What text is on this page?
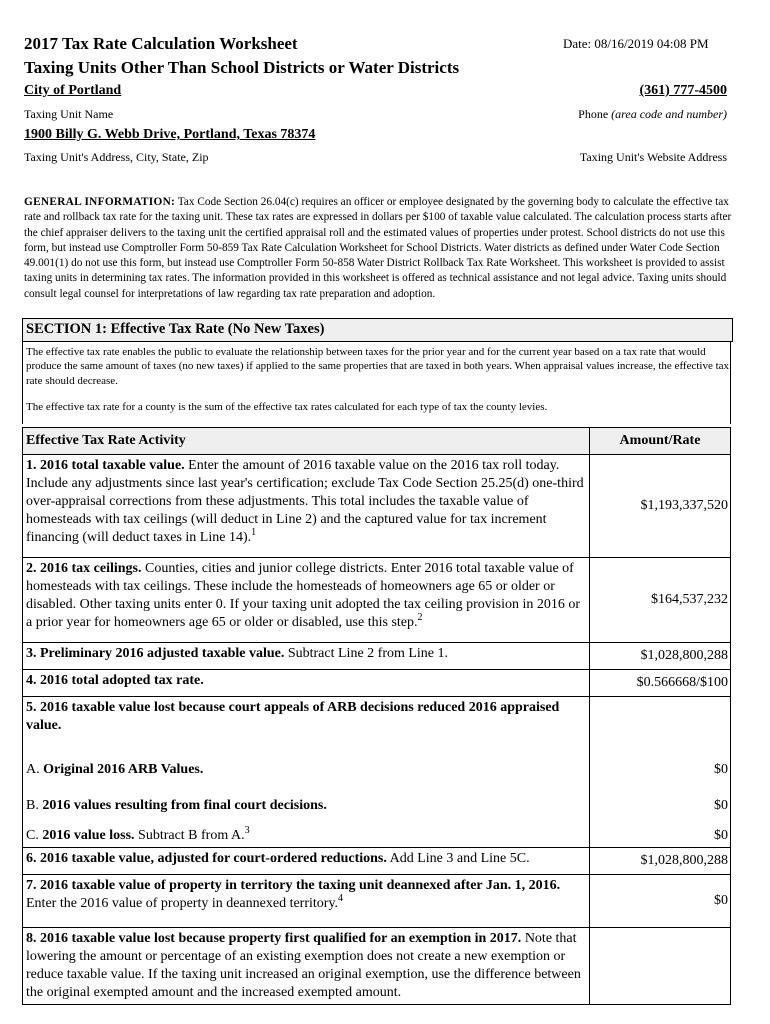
2017 Tax Rate Calculation Worksheet
Taxing Units Other Than School Districts or Water Districts
Date: 08/16/2019 04:08 PM
City of Portland
Taxing Unit Name
(361) 777-4500
Phone (area code and number)
1900 Billy G. Webb Drive, Portland, Texas 78374
Taxing Unit's Address, City, State, Zip	Taxing Unit's Website Address
GENERAL INFORMATION: Tax Code Section 26.04(c) requires an officer or employee designated by the governing body to calculate the effective tax rate and rollback tax rate for the taxing unit. These tax rates are expressed in dollars per $100 of taxable value calculated. The calculation process starts after the chief appraiser delivers to the taxing unit the certified appraisal roll and the estimated values of properties under protest. School districts do not use this form, but instead use Comptroller Form 50-859 Tax Rate Calculation Worksheet for School Districts. Water districts as defined under Water Code Section 49.001(1) do not use this form, but instead use Comptroller Form 50-858 Water District Rollback Tax Rate Worksheet. This worksheet is provided to assist taxing units in determining tax rates. The information provided in this worksheet is offered as technical assistance and not legal advice. Taxing units should consult legal counsel for interpretations of law regarding tax rate preparation and adoption.
SECTION 1: Effective Tax Rate (No New Taxes)
The effective tax rate enables the public to evaluate the relationship between taxes for the prior year and for the current year based on a tax rate that would produce the same amount of taxes (no new taxes) if applied to the same properties that are taxed in both years. When appraisal values increase, the effective tax rate should decrease.
The effective tax rate for a county is the sum of the effective tax rates calculated for each type of tax the county levies.
Effective Tax Rate Activity	Amount/Rate
1. 2016 total taxable value. Enter the amount of 2016 taxable value on the 2016 tax roll today. Include any adjustments since last year's certification; exclude Tax Code Section 25.25(d) one-third over-appraisal corrections from these adjustments. This total includes the taxable value of homesteads with tax ceilings (will deduct in Line 2) and the captured value for tax increment financing (will deduct taxes in Line 14).$^1$	$1,193,337,520
2. 2016 tax ceilings. Counties, cities and junior college districts. Enter 2016 total taxable value of homesteads with tax ceilings. These include the homesteads of homeowners age 65 or older or disabled. Other taxing units enter 0. If your taxing unit adopted the tax ceiling provision in 2016 or a prior year for homeowners age 65 or older or disabled, use this step.$^2$	$164,537,232
3. Preliminary 2016 adjusted taxable value. Subtract Line 2 from Line 1.	$1,028,800,288
4. 2016 total adopted tax rate.	$0.566668/$100
5. 2016 taxable value lost because court appeals of ARB decisions reduced 2016 appraised value.	
A. Original 2016 ARB Values.	$0
B. 2016 values resulting from final court decisions.	$0
C. 2016 value loss. Subtract B from A.$^3$	$0
6. 2016 taxable value, adjusted for court-ordered reductions. Add Line 3 and Line 5C.	$1,028,800,288
7. 2016 taxable value of property in territory the taxing unit deannexed after Jan. 1, 2016. Enter the 2016 value of property in deannexed territory.$^4$	$0
8. 2016 taxable value lost because property first qualified for an exemption in 2017. Note that lowering the amount or percentage of an existing exemption does not create a new exemption or reduce taxable value. If the taxing unit increased an original exemption, use the difference between the original exempted amount and the increased exempted amount.	
